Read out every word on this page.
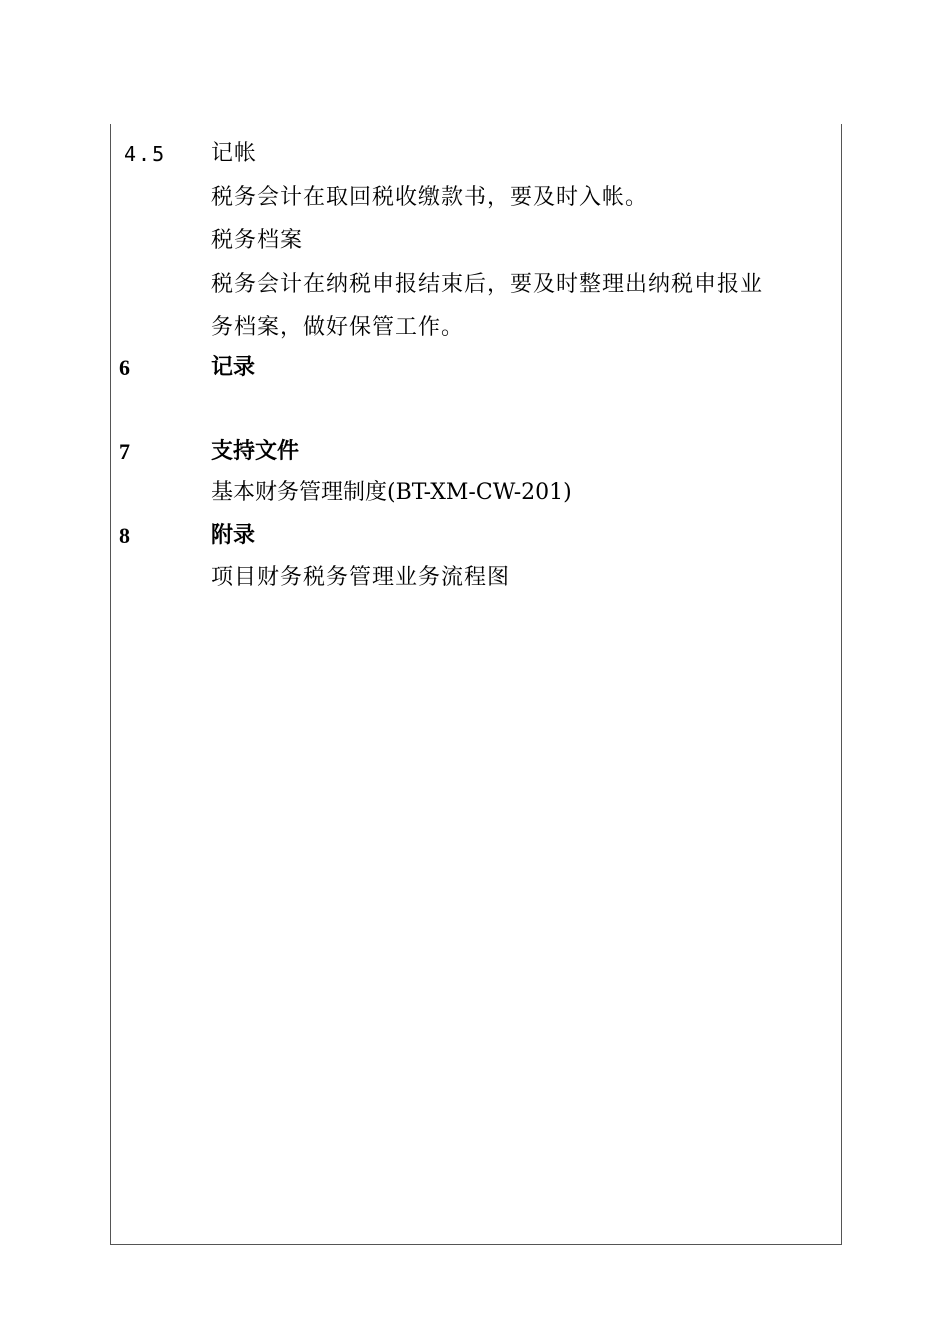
4.5 记帐
税务会计在取回税收缴款书，要及时入帐。
税务档案
税务会计在纳税申报结束后，要及时整理出纳税申报业
务档案，做好保管工作。
6	记录
7	支持文件
基本财务管理制度(BT-XM-CW-201)
8	附录
项目财务税务管理业务流程图
